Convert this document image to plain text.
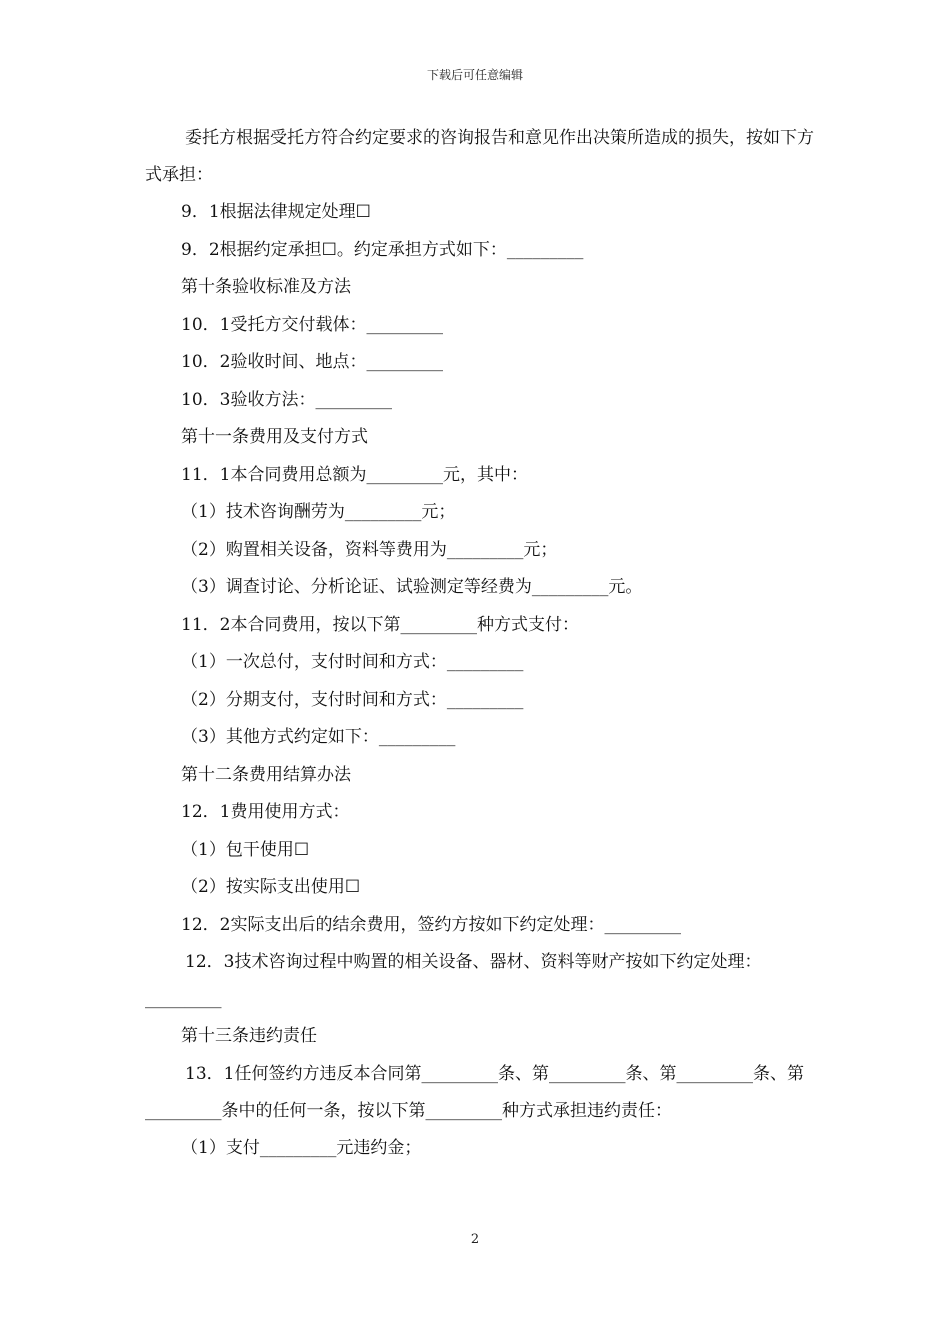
下载后可任意编辑

委托方根据受托方符合约定要求的咨询报告和意见作出决策所造成的损失，按如下方式承担：

9．1根据法律规定处理☐

9．2根据约定承担☐。约定承担方式如下：_________

第十条验收标准及方法

10．1受托方交付载体：_________

10．2验收时间、地点：_________

10．3验收方法：_________

第十一条费用及支付方式

11．1本合同费用总额为_________元，其中：

（1）技术咨询酬劳为_________元；

（2）购置相关设备，资料等费用为_________元；

（3）调查讨论、分析论证、试验测定等经费为_________元。

11．2本合同费用，按以下第_________种方式支付：

（1）一次总付，支付时间和方式：_________

（2）分期支付，支付时间和方式：_________

（3）其他方式约定如下：_________

第十二条费用结算办法

12．1费用使用方式：

（1）包干使用☐

（2）按实际支出使用☐

12．2实际支出后的结余费用，签约方按如下约定处理：_________

12．3技术咨询过程中购置的相关设备、器材、资料等财产按如下约定处理：_________

第十三条违约责任

13．1任何签约方违反本合同第_________条、第_________条、第_________条、第_________条中的任何一条，按以下第_________种方式承担违约责任：

（1）支付_________元违约金；

2
